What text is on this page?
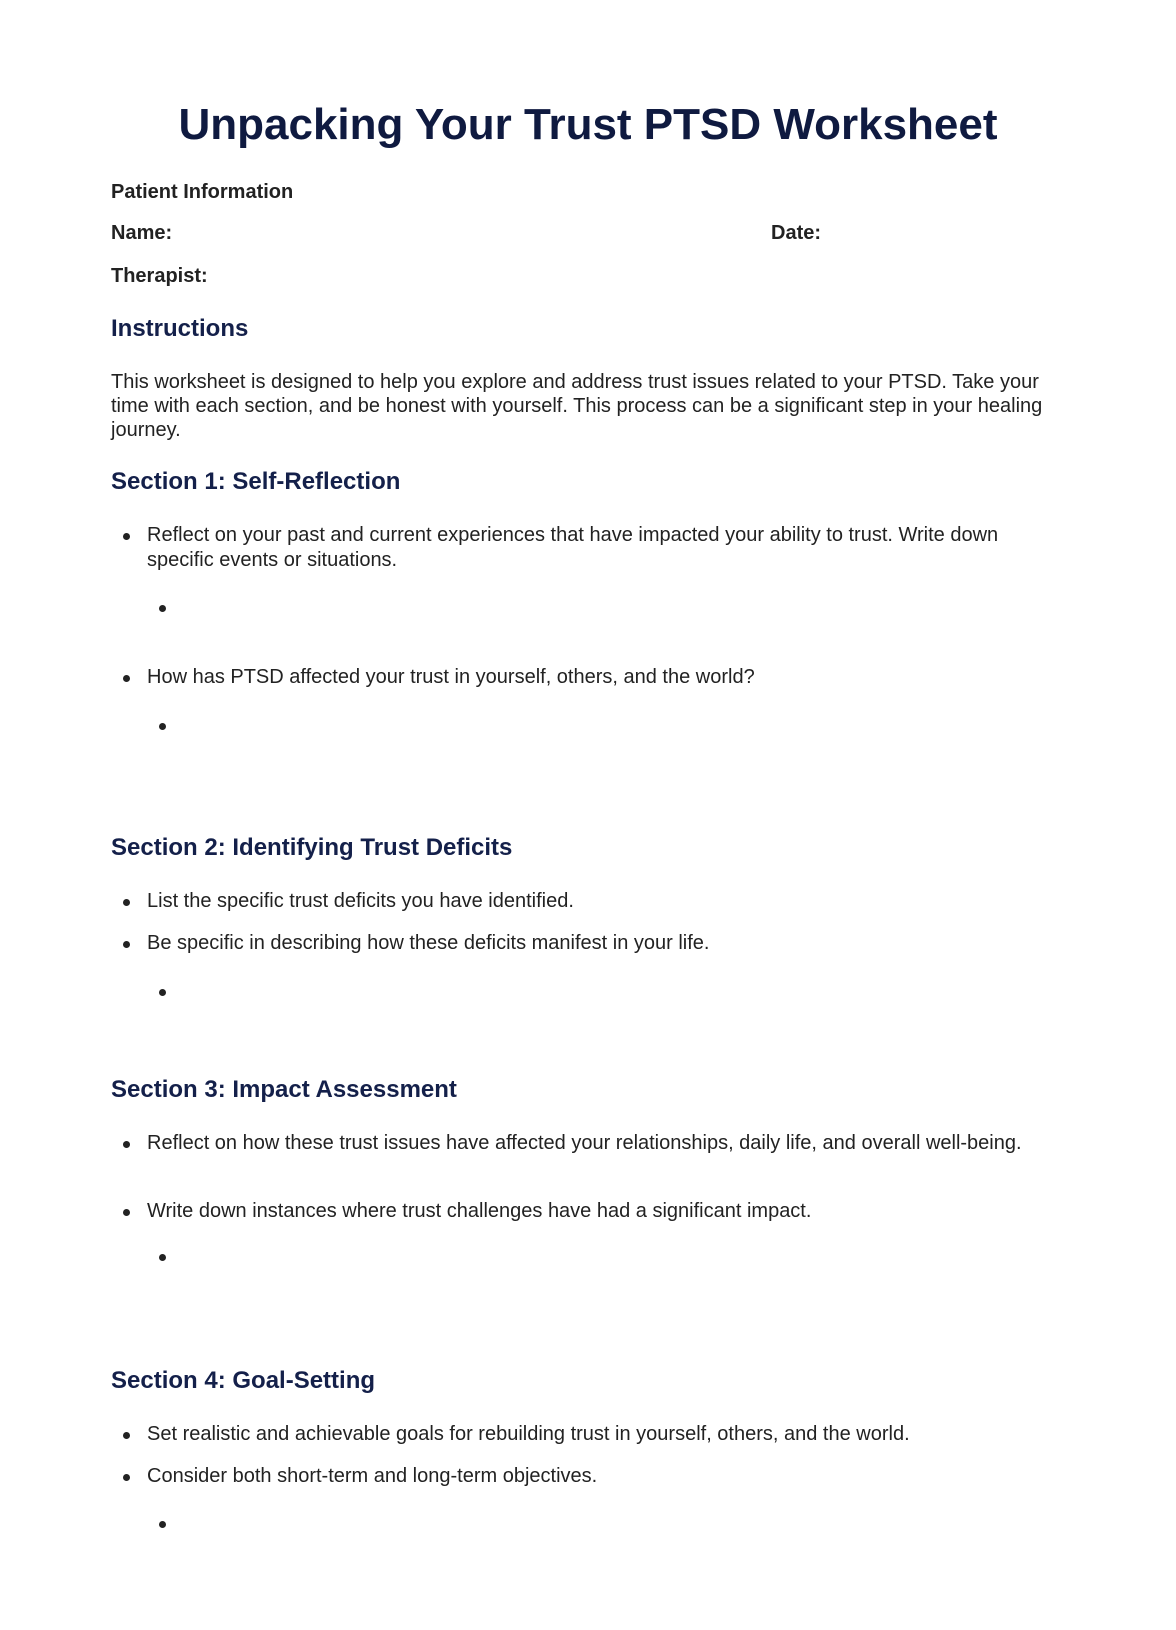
Unpacking Your Trust PTSD Worksheet
Patient Information
Name:	Date:
Therapist:
Instructions

This worksheet is designed to help you explore and address trust issues related to your PTSD. Take your time with each section, and be honest with yourself. This process can be a significant step in your healing journey.

Section 1: Self-Reflection
Reflect on your past and current experiences that have impacted your ability to trust. Write down specific events or situations.
How has PTSD affected your trust in yourself, others, and the world?
Section 2: Identifying Trust Deficits
List the specific trust deficits you have identified.
Be specific in describing how these deficits manifest in your life.
Section 3: Impact Assessment
Reflect on how these trust issues have affected your relationships, daily life, and overall well-being.
Write down instances where trust challenges have had a significant impact.
Section 4: Goal-Setting
Set realistic and achievable goals for rebuilding trust in yourself, others, and the world.
Consider both short-term and long-term objectives.
